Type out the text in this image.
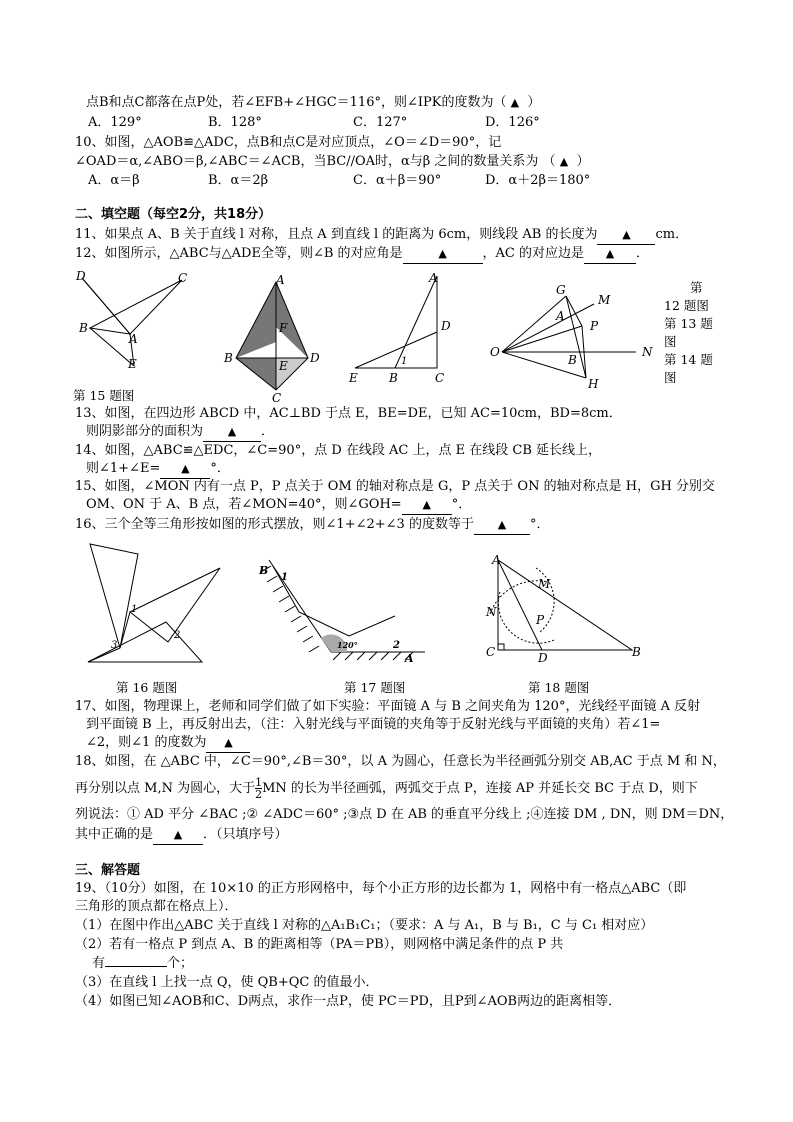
点B和点C都落在点P处，若∠EFB+∠HGC＝116°，则∠IPK的度数为（ ▲ ）
A．129°	B．128°	C．127°	D．126°
10、如图，△AOB≌△ADC，点B和点C是对应顶点，∠O＝∠D＝90°，记
∠OAD＝α,∠ABO＝β,∠ABC＝∠ACB，当BC//OA时，α与β 之间的数量关系为 （ ▲ ）
A．α＝β	B．α＝2β	C．α＋β＝90°	D．α＋2β＝180°
二、填空题（每空2分，共18分）
11、如果点 A、B 关于直线 l 对称，且点 A 到直线 l 的距离为 6cm，则线段 AB 的长度为 ▲ cm．
12、如图所示，△ABC与△ADE全等，则∠B 的对应角是	▲	，AC 的对应边是 ▲ ．
D	C
B
A
E
A
F
B
E
D
C
A
D
1
E	B	C
G
M
A
P
O
B
N
H
第
12 题图
第 13 题
图
第 14 题
图
第 15 题图
13、如图，在四边形 ABCD 中，AC⊥BD 于点 E，BE=DE，已知 AC=10cm，BD=8cm．
则阴影部分的面积为 ▲ ．
14、如图，△ABC≌△EDC，∠C=90°，点 D 在线段 AC 上，点 E 在线段 CB 延长线上，
则∠1+∠E= ▲ °．
15、如图，∠MON 内有一点 P，P 点关于 OM 的轴对称点是 G，P 点关于 ON 的轴对称点是 H，GH 分别交
OM、ON 于 A、B 点，若∠MON=40°，则∠GOH= ▲ °．
16、三个全等三角形按如图的形式摆放，则∠1+∠2+∠3 的度数等于 ▲ °．
1
2
3
B
1
120°	2
A
A
M
N
P
C	D	B
第 16 题图	第 17 题图	第 18 题图
17、如图，物理课上，老师和同学们做了如下实验：平面镜 A 与 B 之间夹角为 120°，光线经平面镜 A 反射
到平面镜 B 上，再反射出去，（注：入射光线与平面镜的夹角等于反射光线与平面镜的夹角）若∠1=
∠2，则∠1 的度数为 ▲
18、如图，在 △ABC 中，∠C＝90°,∠B＝30°，以 A 为圆心，任意长为半径画弧分别交 AB,AC 于点 M 和 N，
再分别以点 M,N 为圆心，大于 $\frac{1}{2}$ MN 的长为半径画弧，两弧交于点 P，连接 AP 并延长交 BC 于点 D，则下
列说法：① AD 平分 ∠BAC ;② ∠ADC＝60° ;③点 D 在 AB 的垂直平分线上 ;④连接 DM , DN，则 DM＝DN，
其中正确的是 ▲ ．（只填序号）
三、解答题
19、（10分）如图，在 10×10 的正方形网格中，每个小正方形的边长都为 1，网格中有一格点△ABC（即
三角形的顶点都在格点上）．
（1）在图中作出△ABC 关于直线 l 对称的△A₁B₁C₁；（要求：A 与 A₁，B 与 B₁，C 与 C₁ 相对应）
（2）若有一格点 P 到点 A、B 的距离相等（PA＝PB），则网格中满足条件的点 P 共
有	个；
（3）在直线 l 上找一点 Q，使 QB+QC 的值最小．
（4）如图已知∠AOB和C、D两点，求作一点P，使 PC＝PD，且P到∠AOB两边的距离相等．
